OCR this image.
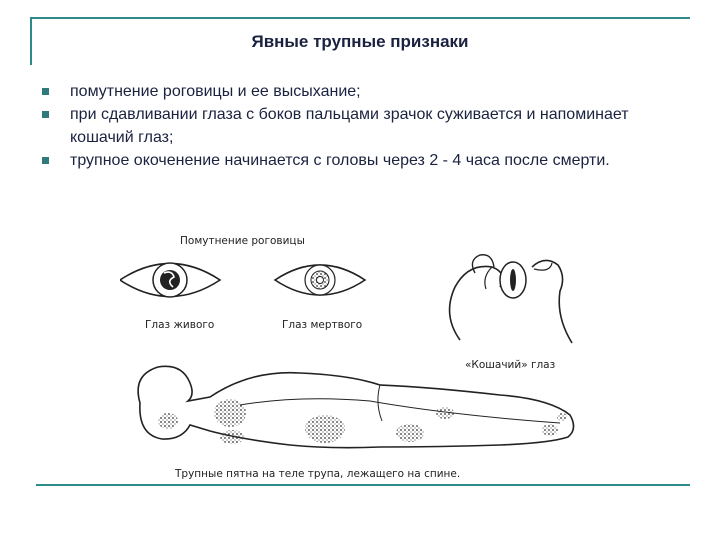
Явные трупные признаки
помутнение роговицы и ее высыхание;
при сдавливании глаза с боков пальцами зрачок суживается и напоминает кошачий глаз;
трупное окоченение начинается с головы через 2 - 4 часа после смерти.
Помутнение роговицы
Глаз живого	Глаз мертвого
«Кошачий» глаз
Трупные пятна на теле трупа, лежащего на спине.
